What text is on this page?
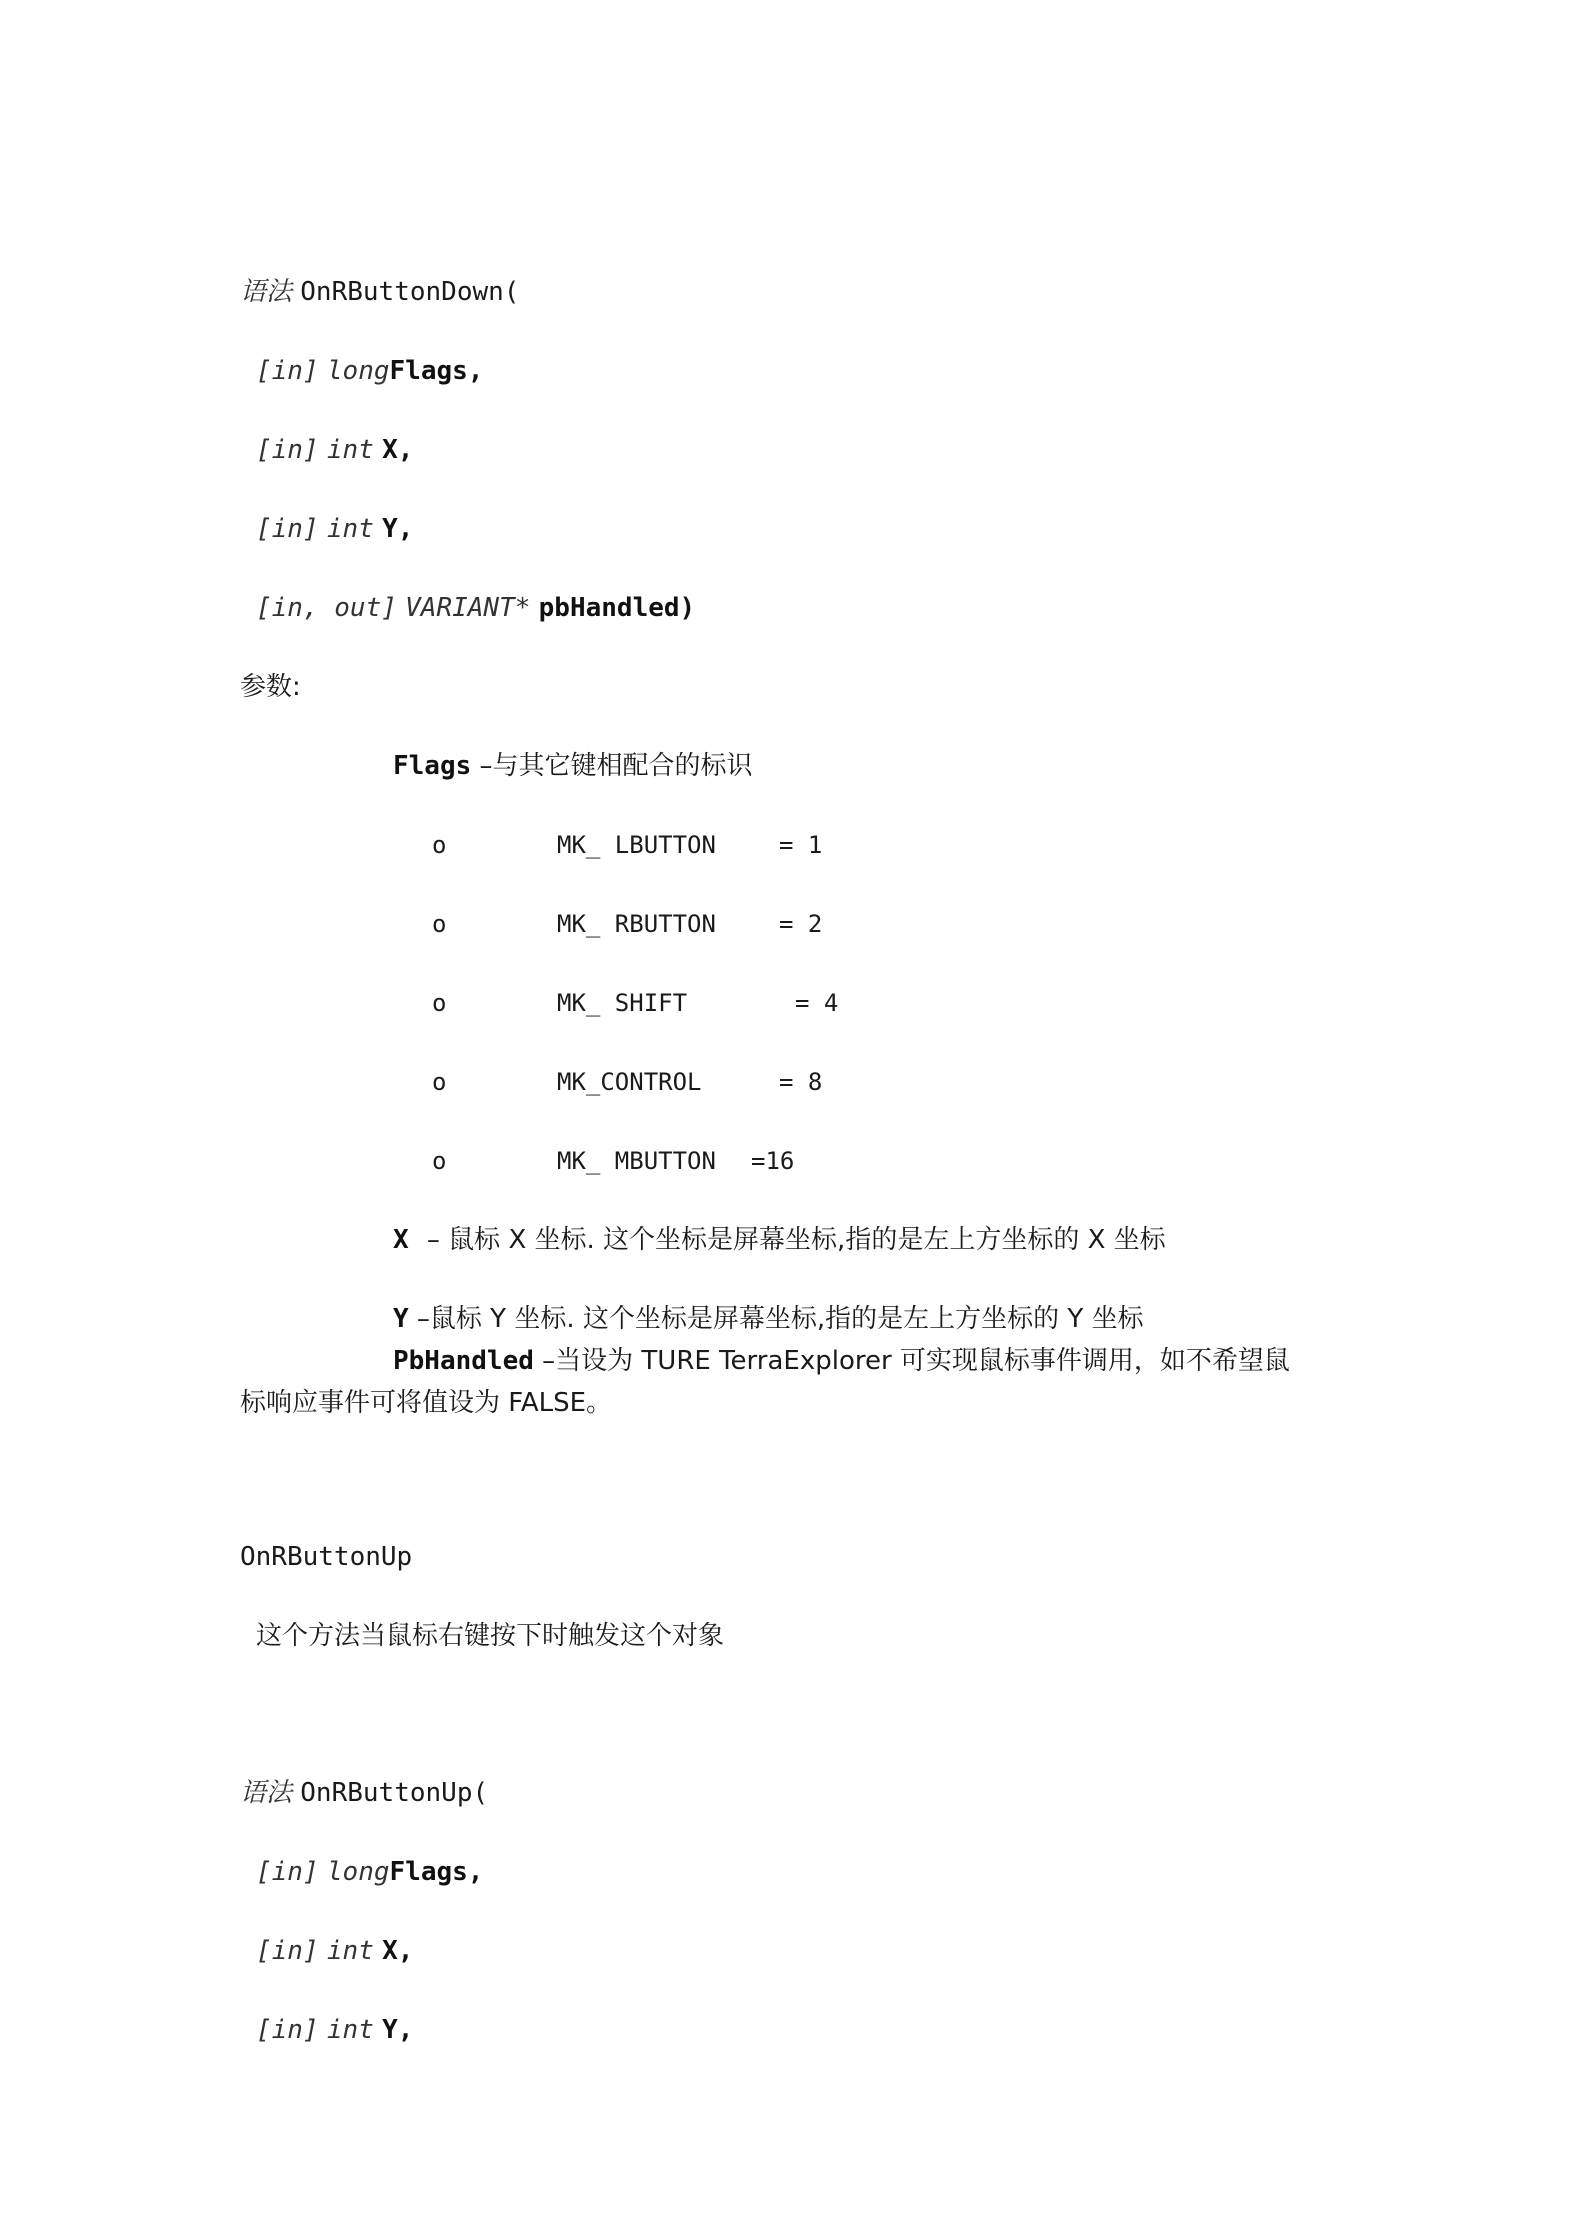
语法 OnRButtonDown(
[in] longFlags,
[in] int X,
[in] int Y,
[in, out] VARIANT* pbHandled)
参数:
Flags –与其它键相配合的标识
o	MK_ LBUTTON	= 1
o	MK_ RBUTTON	= 2
o	MK_ SHIFT	= 4
o	MK_CONTROL	= 8
o	MK_ MBUTTON =16
X – 鼠标 X 坐标. 这个坐标是屏幕坐标,指的是左上方坐标的 X 坐标
Y –鼠标 Y 坐标. 这个坐标是屏幕坐标,指的是左上方坐标的 Y 坐标
PbHandled –当设为 TURE TerraExplorer 可实现鼠标事件调用，如不希望鼠
标响应事件可将值设为 FALSE。
OnRButtonUp
这个方法当鼠标右键按下时触发这个对象
语法 OnRButtonUp(
[in] longFlags,
[in] int X,
[in] int Y,
